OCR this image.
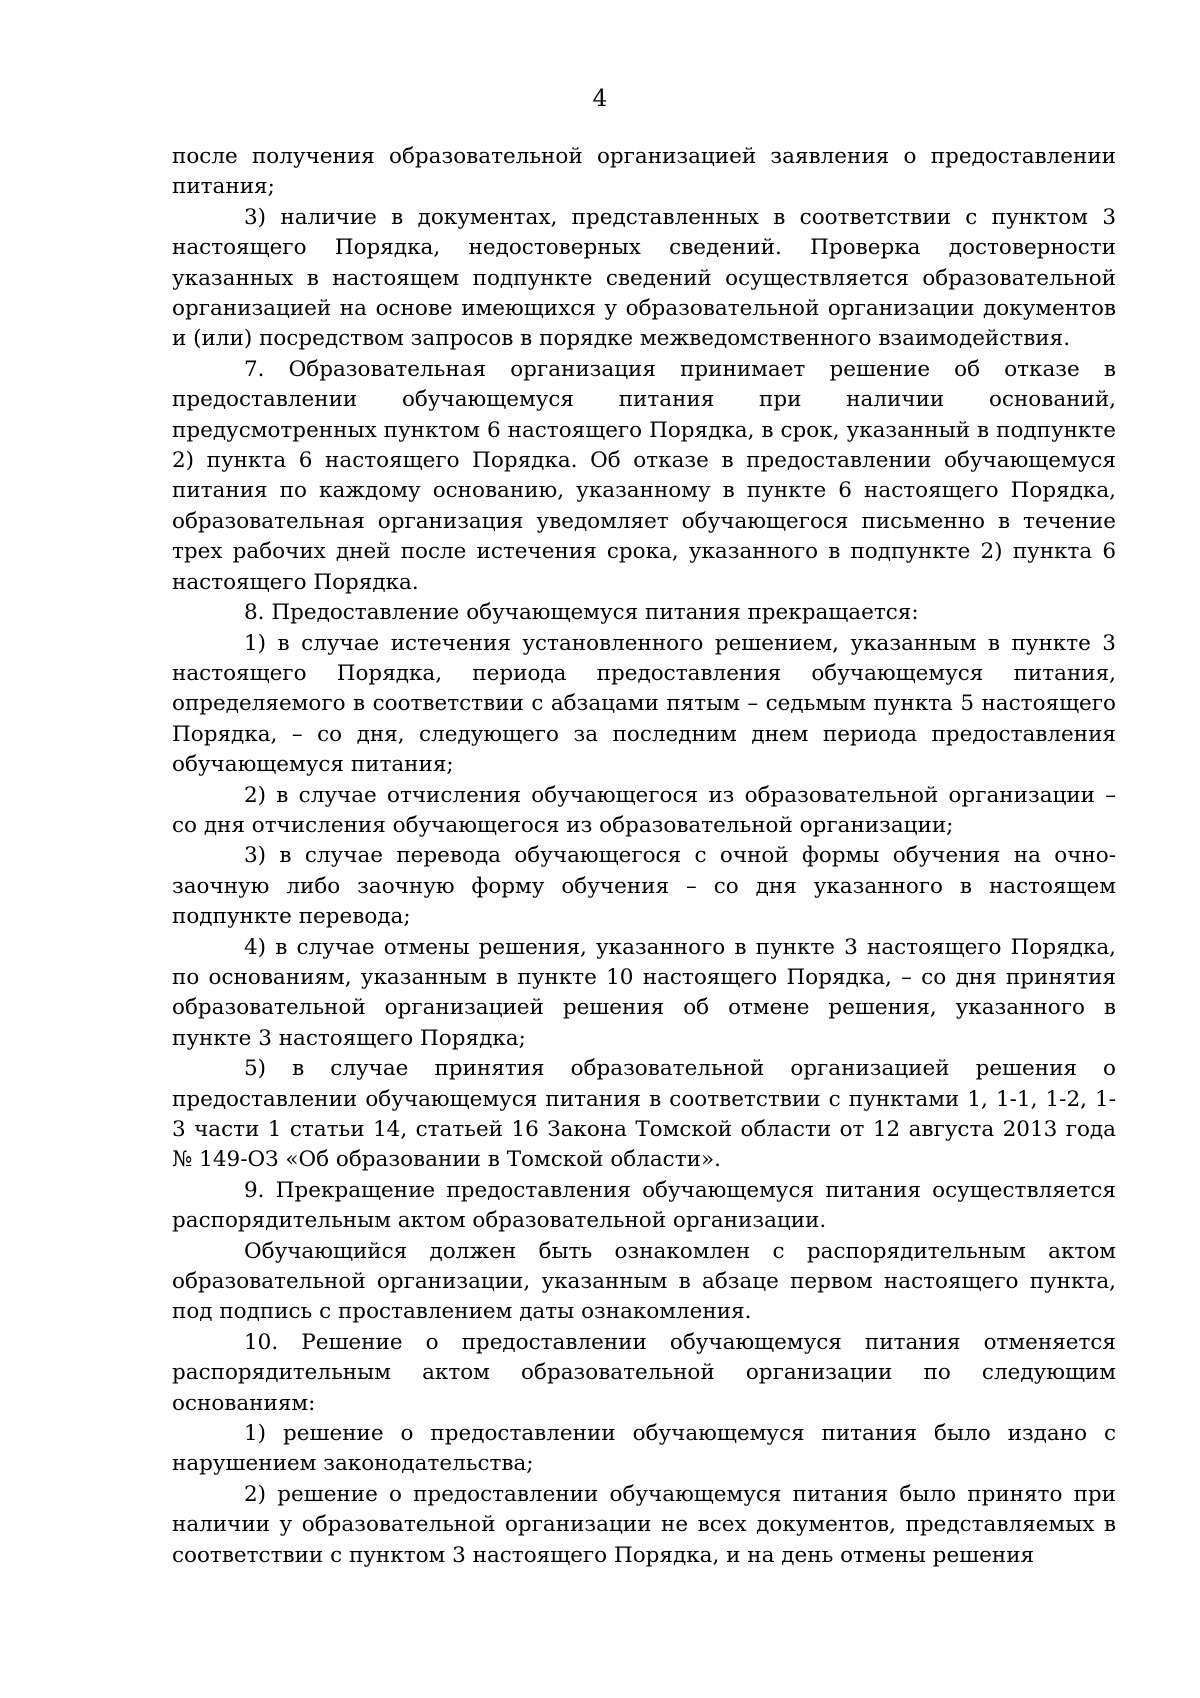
4

после получения образовательной организацией заявления о предоставлении питания;

3) наличие в документах, представленных в соответствии с пунктом 3 настоящего Порядка, недостоверных сведений. Проверка достоверности указанных в настоящем подпункте сведений осуществляется образовательной организацией на основе имеющихся у образовательной организации документов и (или) посредством запросов в порядке межведомственного взаимодействия.

7. Образовательная организация принимает решение об отказе в предоставлении обучающемуся питания при наличии оснований, предусмотренных пунктом 6 настоящего Порядка, в срок, указанный в подпункте 2) пункта 6 настоящего Порядка. Об отказе в предоставлении обучающемуся питания по каждому основанию, указанному в пункте 6 настоящего Порядка, образовательная организация уведомляет обучающегося письменно в течение трех рабочих дней после истечения срока, указанного в подпункте 2) пункта 6 настоящего Порядка.

8. Предоставление обучающемуся питания прекращается:

1) в случае истечения установленного решением, указанным в пункте 3 настоящего Порядка, периода предоставления обучающемуся питания, определяемого в соответствии с абзацами пятым – седьмым пункта 5 настоящего Порядка, – со дня, следующего за последним днем периода предоставления обучающемуся питания;

2) в случае отчисления обучающегося из образовательной организации – со дня отчисления обучающегося из образовательной организации;

3) в случае перевода обучающегося с очной формы обучения на очно-заочную либо заочную форму обучения – со дня указанного в настоящем подпункте перевода;

4) в случае отмены решения, указанного в пункте 3 настоящего Порядка, по основаниям, указанным в пункте 10 настоящего Порядка, – со дня принятия образовательной организацией решения об отмене решения, указанного в пункте 3 настоящего Порядка;

5) в случае принятия образовательной организацией решения о предоставлении обучающемуся питания в соответствии с пунктами 1, 1-1, 1-2, 1-3 части 1 статьи 14, статьей 16 Закона Томской области от 12 августа 2013 года № 149-ОЗ «Об образовании в Томской области».

9. Прекращение предоставления обучающемуся питания осуществляется распорядительным актом образовательной организации.

Обучающийся должен быть ознакомлен с распорядительным актом образовательной организации, указанным в абзаце первом настоящего пункта, под подпись с проставлением даты ознакомления.

10. Решение о предоставлении обучающемуся питания отменяется распорядительным актом образовательной организации по следующим основаниям:

1) решение о предоставлении обучающемуся питания было издано с нарушением законодательства;

2) решение о предоставлении обучающемуся питания было принято при наличии у образовательной организации не всех документов, представляемых в соответствии с пунктом 3 настоящего Порядка, и на день отмены решения
